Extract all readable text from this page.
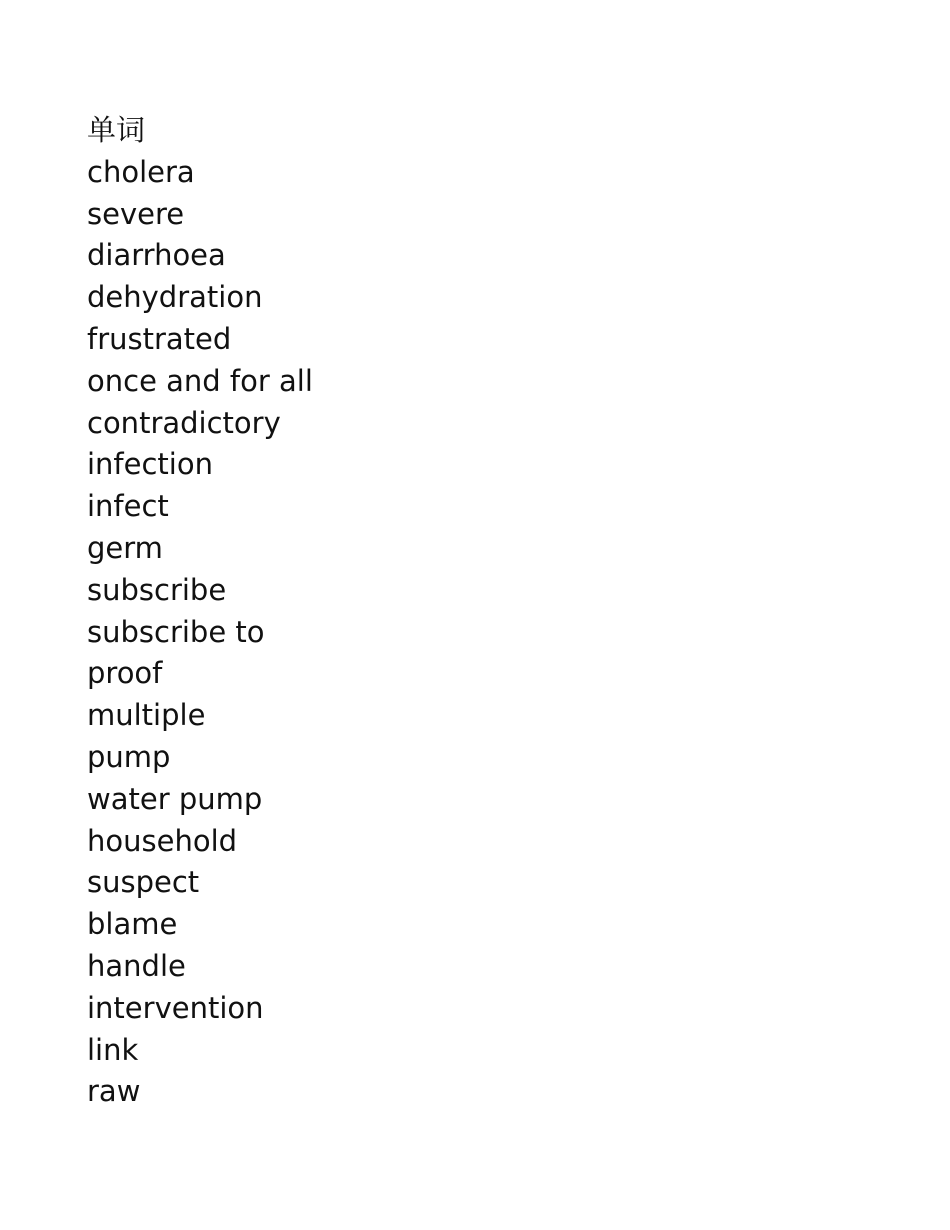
单词
cholera
severe
diarrhoea
dehydration
frustrated
once and for all
contradictory
infection
infect
germ
subscribe
subscribe to
proof
multiple
pump
water pump
household
suspect
blame
handle
intervention
link
raw
